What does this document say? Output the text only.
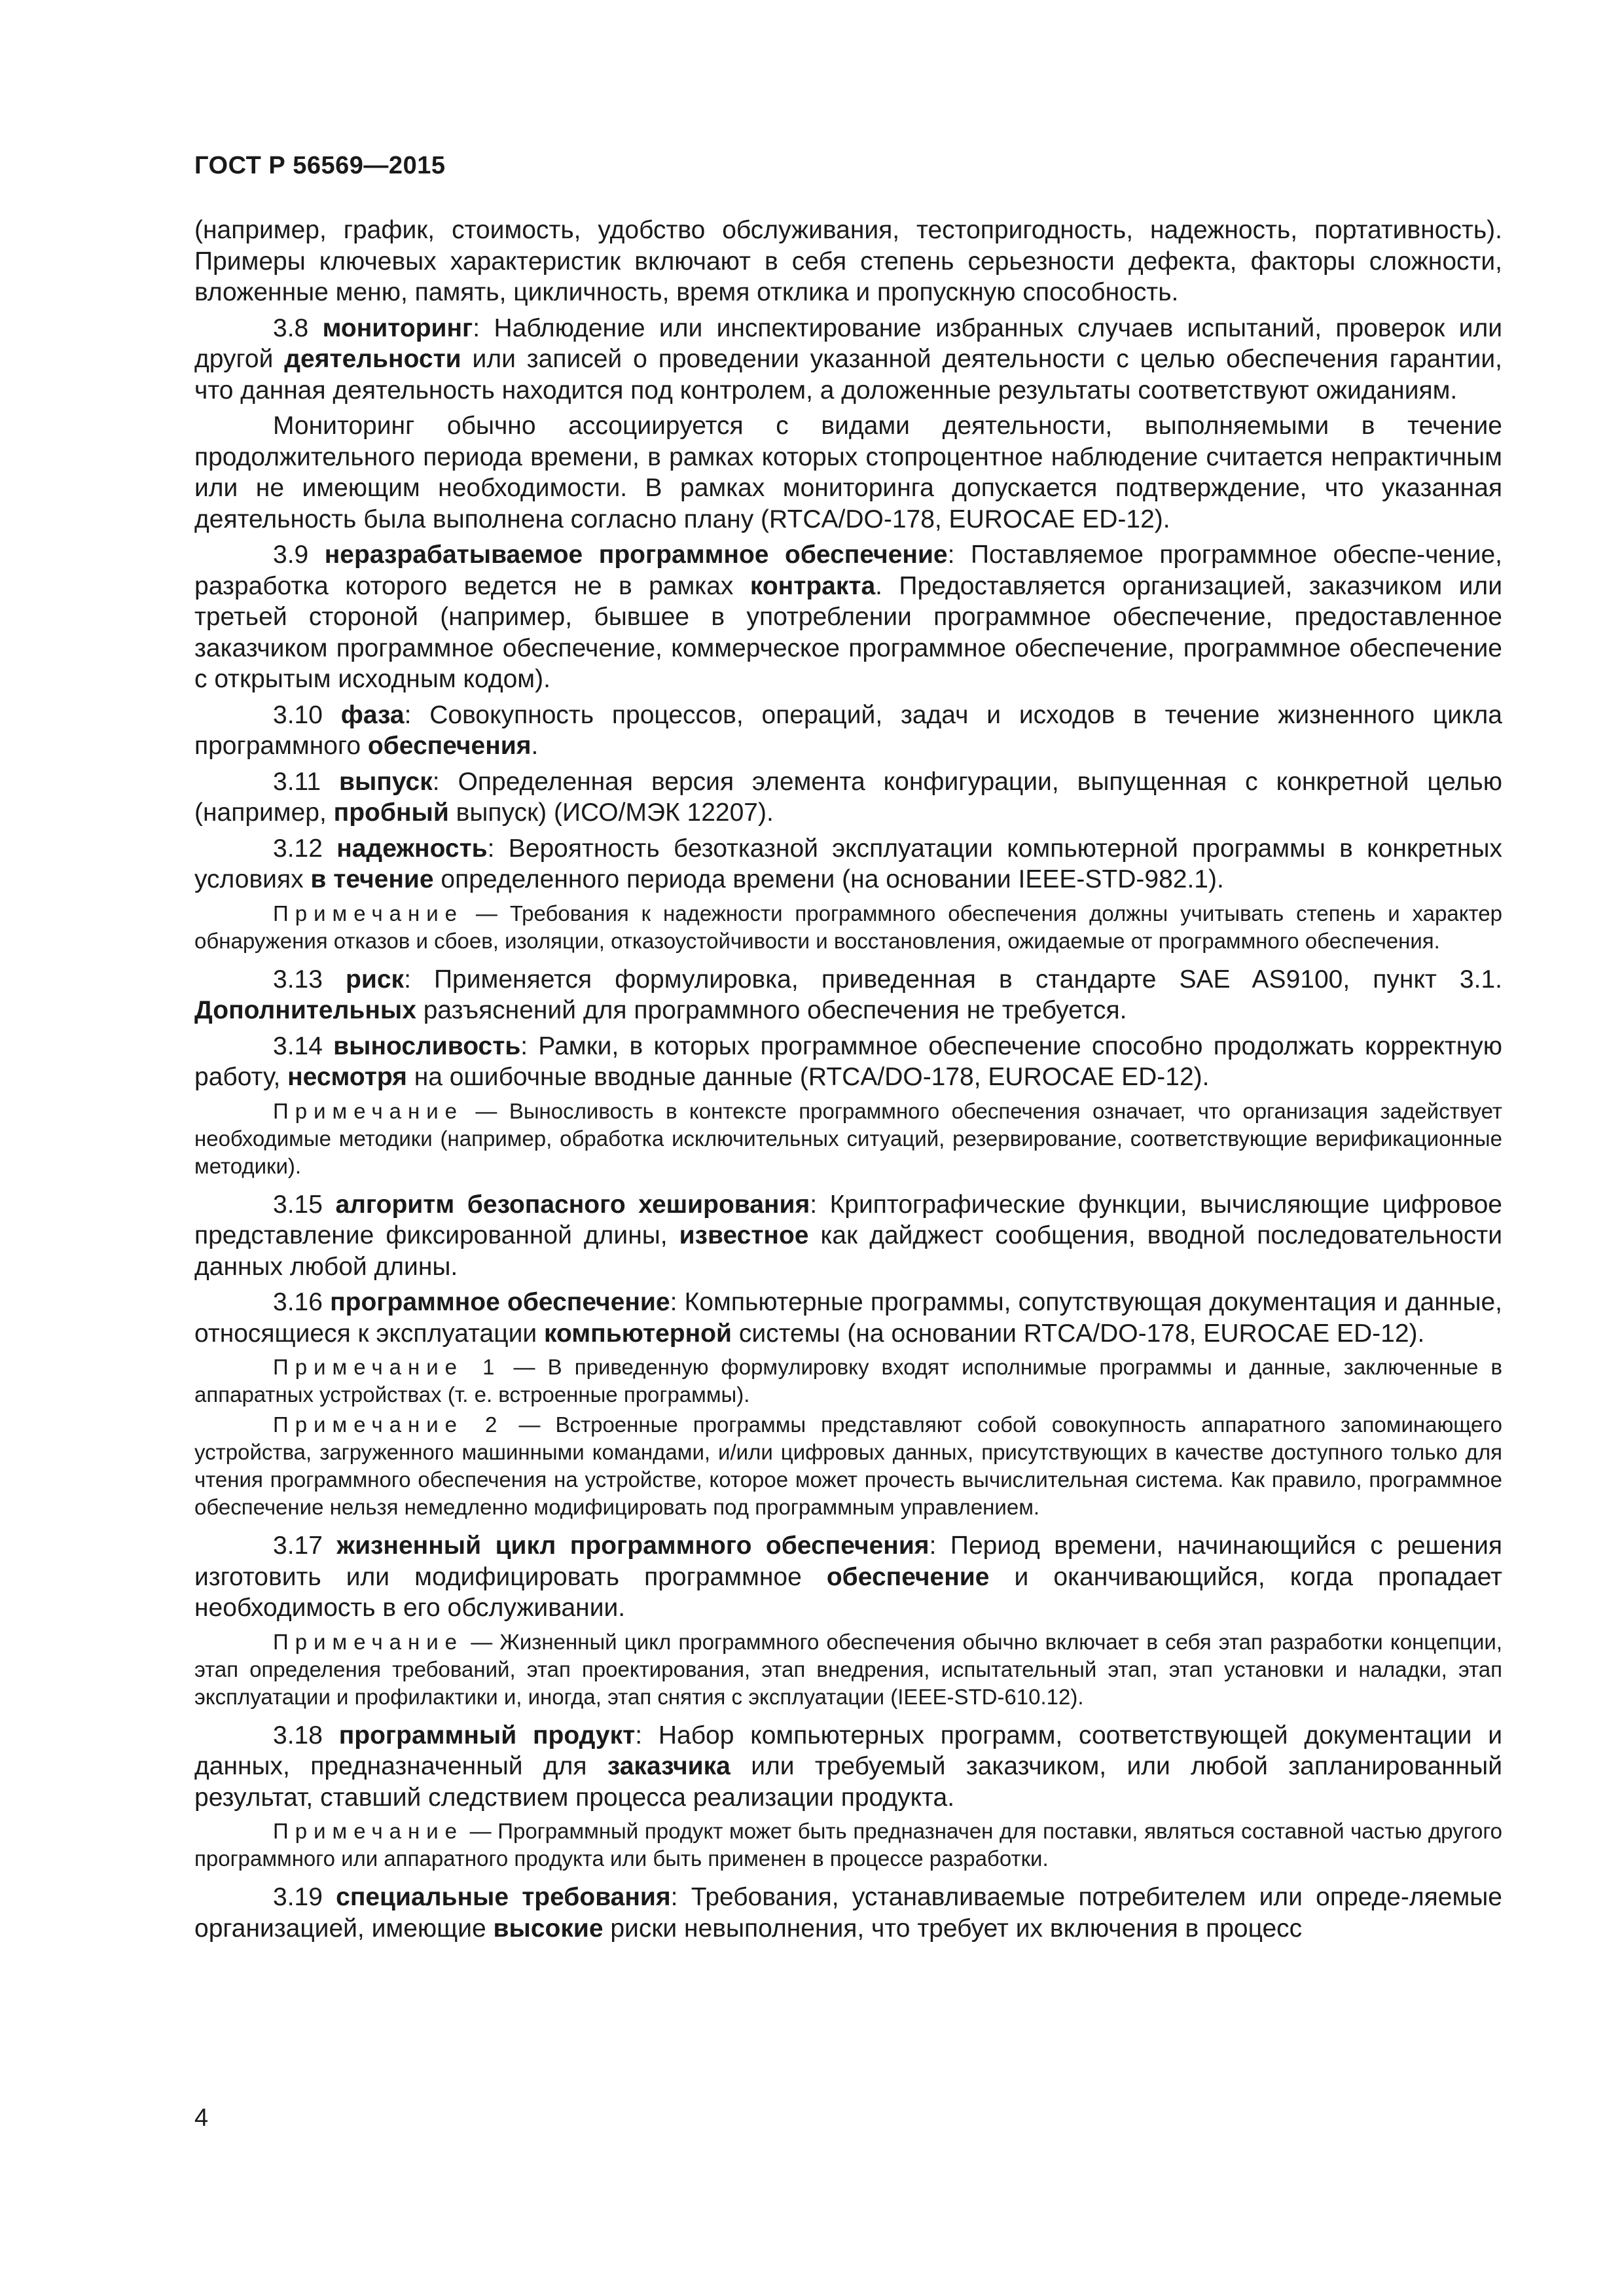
ГОСТ Р 56569—2015

(например, график, стоимость, удобство обслуживания, тестопригодность, надежность, портативность). Примеры ключевых характеристик включают в себя степень серьезности дефекта, факторы сложности, вложенные меню, память, цикличность, время отклика и пропускную способность.

3.8 мониторинг: Наблюдение или инспектирование избранных случаев испытаний, проверок или другой деятельности или записей о проведении указанной деятельности с целью обеспечения гарантии, что данная деятельность находится под контролем, а доложенные результаты соответствуют ожиданиям.

Мониторинг обычно ассоциируется с видами деятельности, выполняемыми в течение продолжительного периода времени, в рамках которых стопроцентное наблюдение считается непрактичным или не имеющим необходимости. В рамках мониторинга допускается подтверждение, что указанная деятельность была выполнена согласно плану (RTCA/DO-178, EUROCAE ED-12).

3.9 неразрабатываемое программное обеспечение: Поставляемое программное обеспе-чение, разработка которого ведется не в рамках контракта. Предоставляется организацией, заказчиком или третьей стороной (например, бывшее в употреблении программное обеспечение, предоставленное заказчиком программное обеспечение, коммерческое программное обеспечение, программное обеспечение с открытым исходным кодом).

3.10 фаза: Совокупность процессов, операций, задач и исходов в течение жизненного цикла программного обеспечения.

3.11 выпуск: Определенная версия элемента конфигурации, выпущенная с конкретной целью (например, пробный выпуск) (ИСО/МЭК 12207).

3.12 надежность: Вероятность безотказной эксплуатации компьютерной программы в конкретных условиях в течение определенного периода времени (на основании IEEE-STD-982.1).

Примечание — Требования к надежности программного обеспечения должны учитывать степень и характер обнаружения отказов и сбоев, изоляции, отказоустойчивости и восстановления, ожидаемые от программного обеспечения.

3.13 риск: Применяется формулировка, приведенная в стандарте SAE AS9100, пункт 3.1. Дополнительных разъяснений для программного обеспечения не требуется.

3.14 выносливость: Рамки, в которых программное обеспечение способно продолжать корректную работу, несмотря на ошибочные вводные данные (RTCA/DO-178, EUROCAE ED-12).

Примечание — Выносливость в контексте программного обеспечения означает, что организация задействует необходимые методики (например, обработка исключительных ситуаций, резервирование, соответствующие верификационные методики).

3.15 алгоритм безопасного хеширования: Криптографические функции, вычисляющие цифровое представление фиксированной длины, известное как дайджест сообщения, вводной последовательности данных любой длины.

3.16 программное обеспечение: Компьютерные программы, сопутствующая документация и данные, относящиеся к эксплуатации компьютерной системы (на основании RTCA/DO-178, EUROCAE ED-12).

Примечание 1 — В приведенную формулировку входят исполнимые программы и данные, заключенные в аппаратных устройствах (т. е. встроенные программы).

Примечание 2 — Встроенные программы представляют собой совокупность аппаратного запоминающего устройства, загруженного машинными командами, и/или цифровых данных, присутствующих в качестве доступного только для чтения программного обеспечения на устройстве, которое может прочесть вычислительная система. Как правило, программное обеспечение нельзя немедленно модифицировать под программным управлением.

3.17 жизненный цикл программного обеспечения: Период времени, начинающийся с решения изготовить или модифицировать программное обеспечение и оканчивающийся, когда пропадает необходимость в его обслуживании.

Примечание — Жизненный цикл программного обеспечения обычно включает в себя этап разработки концепции, этап определения требований, этап проектирования, этап внедрения, испытательный этап, этап установки и наладки, этап эксплуатации и профилактики и, иногда, этап снятия с эксплуатации (IEEE-STD-610.12).

3.18 программный продукт: Набор компьютерных программ, соответствующей документации и данных, предназначенный для заказчика или требуемый заказчиком, или любой запланированный результат, ставший следствием процесса реализации продукта.

Примечание — Программный продукт может быть предназначен для поставки, являться составной частью другого программного или аппаратного продукта или быть применен в процессе разработки.

3.19 специальные требования: Требования, устанавливаемые потребителем или опреде-ляемые организацией, имеющие высокие риски невыполнения, что требует их включения в процесс

4
